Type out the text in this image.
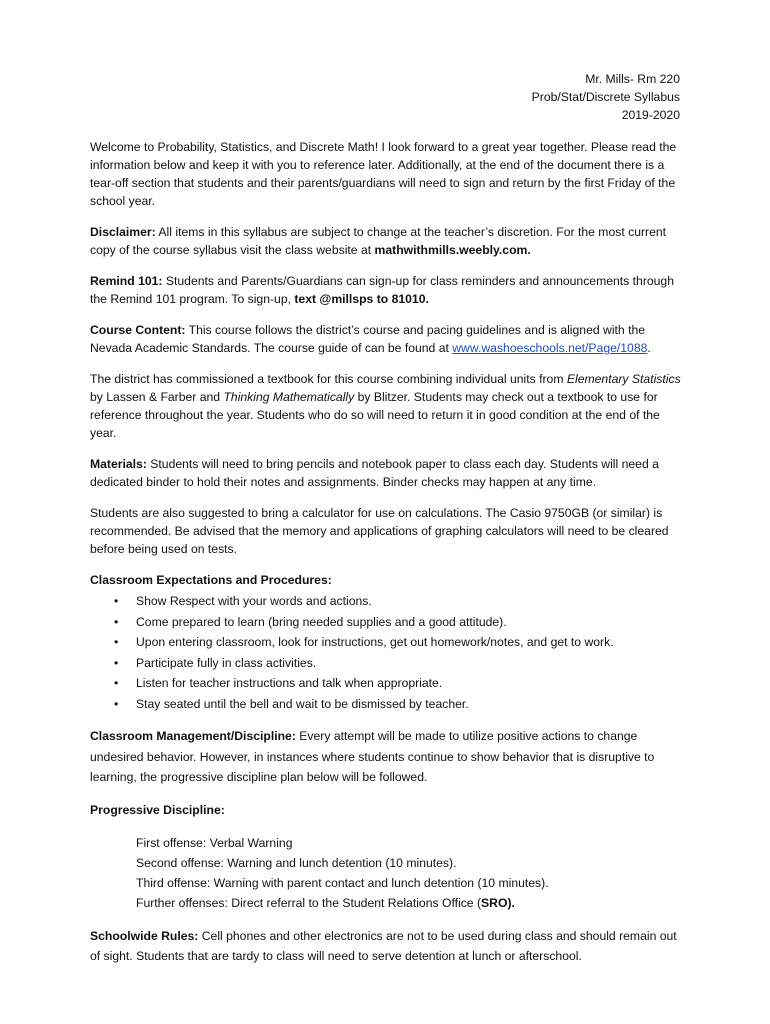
Mr. Mills- Rm 220
Prob/Stat/Discrete Syllabus
2019-2020

Welcome to Probability, Statistics, and Discrete Math! I look forward to a great year together. Please read the information below and keep it with you to reference later. Additionally, at the end of the document there is a tear-off section that students and their parents/guardians will need to sign and return by the first Friday of the school year.

Disclaimer: All items in this syllabus are subject to change at the teacher’s discretion. For the most current copy of the course syllabus visit the class website at mathwithmills.weebly.com.

Remind 101: Students and Parents/Guardians can sign-up for class reminders and announcements through the Remind 101 program. To sign-up, text @millsps to 81010.

Course Content: This course follows the district’s course and pacing guidelines and is aligned with the Nevada Academic Standards. The course guide of can be found at www.washoeschools.net/Page/1088.

The district has commissioned a textbook for this course combining individual units from Elementary Statistics by Lassen & Farber and Thinking Mathematically by Blitzer. Students may check out a textbook to use for reference throughout the year. Students who do so will need to return it in good condition at the end of the year.

Materials: Students will need to bring pencils and notebook paper to class each day. Students will need a dedicated binder to hold their notes and assignments. Binder checks may happen at any time.

Students are also suggested to bring a calculator for use on calculations. The Casio 9750GB (or similar) is recommended. Be advised that the memory and applications of graphing calculators will need to be cleared before being used on tests.

Classroom Expectations and Procedures:
• Show Respect with your words and actions.
• Come prepared to learn (bring needed supplies and a good attitude).
• Upon entering classroom, look for instructions, get out homework/notes, and get to work.
• Participate fully in class activities.
• Listen for teacher instructions and talk when appropriate.
• Stay seated until the bell and wait to be dismissed by teacher.

Classroom Management/Discipline: Every attempt will be made to utilize positive actions to change undesired behavior. However, in instances where students continue to show behavior that is disruptive to learning, the progressive discipline plan below will be followed.

Progressive Discipline:
First offense: Verbal Warning
Second offense: Warning and lunch detention (10 minutes).
Third offense: Warning with parent contact and lunch detention (10 minutes).
Further offenses: Direct referral to the Student Relations Office (SRO).

Schoolwide Rules: Cell phones and other electronics are not to be used during class and should remain out of sight. Students that are tardy to class will need to serve detention at lunch or afterschool.
